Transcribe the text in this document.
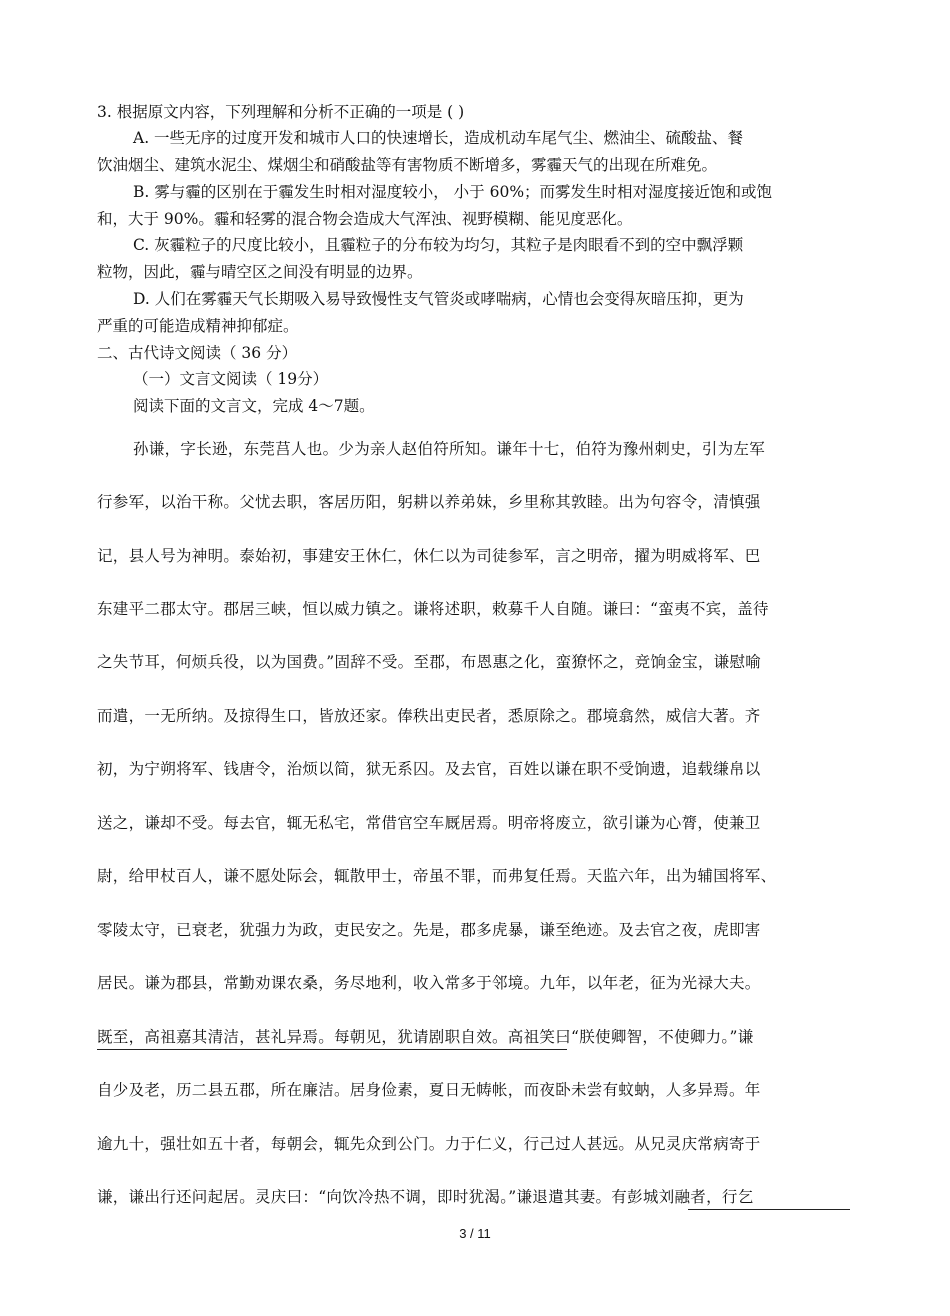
3. 根据原文内容，下列理解和分析不正确的一项是 ( )
A. 一些无序的过度开发和城市人口的快速增长，造成机动车尾气尘、燃油尘、硫酸盐、餐
饮油烟尘、建筑水泥尘、煤烟尘和硝酸盐等有害物质不断增多，雾霾天气的出现在所难免。
B. 雾与霾的区别在于霾发生时相对湿度较小， 小于 60%；而雾发生时相对湿度接近饱和或饱
和，大于 90%。霾和轻雾的混合物会造成大气浑浊、视野模糊、能见度恶化。
C. 灰霾粒子的尺度比较小，且霾粒子的分布较为均匀，其粒子是肉眼看不到的空中飘浮颗
粒物，因此，霾与晴空区之间没有明显的边界。
D. 人们在雾霾天气长期吸入易导致慢性支气管炎或哮喘病，心情也会变得灰暗压抑，更为
严重的可能造成精神抑郁症。
二、古代诗文阅读（ 36 分）
（一）文言文阅读（ 19分）
阅读下面的文言文，完成 4～7题。
孙谦，字长逊，东莞莒人也。少为亲人赵伯符所知。谦年十七，伯符为豫州刺史，引为左军
行参军，以治干称。父忧去职，客居历阳，躬耕以养弟妹，乡里称其敦睦。出为句容令，清慎强
记，县人号为神明。泰始初，事建安王休仁，休仁以为司徒参军，言之明帝，擢为明威将军、巴
东建平二郡太守。郡居三峡，恒以威力镇之。谦将述职，敕募千人自随。谦曰：“蛮夷不宾，盖待
之失节耳，何烦兵役，以为国费。”固辞不受。至郡，布恩惠之化，蛮獠怀之，竞饷金宝，谦慰喻
而遣，一无所纳。及掠得生口，皆放还家。俸秩出吏民者，悉原除之。郡境翕然，威信大著。齐
初，为宁朔将军、钱唐令，治烦以简，狱无系囚。及去官，百姓以谦在职不受饷遗，追载缣帛以
送之，谦却不受。每去官，辄无私宅，常借官空车厩居焉。明帝将废立，欲引谦为心膂，使兼卫
尉，给甲杖百人，谦不愿处际会，辄散甲士，帝虽不罪，而弗复任焉。天监六年，出为辅国将军、
零陵太守，已衰老，犹强力为政，吏民安之。先是，郡多虎暴，谦至绝迹。及去官之夜，虎即害
居民。谦为郡县，常勤劝课农桑，务尽地利，收入常多于邻境。九年，以年老，征为光禄大夫。
既至，高祖嘉其清洁，甚礼异焉。每朝见，犹请剧职自效。高祖笑曰“朕使卿智，不使卿力。”谦
自少及老，历二县五郡，所在廉洁。居身俭素，夏日无帱帐，而夜卧未尝有蚊蚋，人多异焉。年
逾九十，强壮如五十者，每朝会，辄先众到公门。力于仁义，行己过人甚远。从兄灵庆常病寄于
谦，谦出行还问起居。灵庆曰：“向饮冷热不调，即时犹渴。”谦退遣其妻。有彭城刘融者，行乞
3 / 11
